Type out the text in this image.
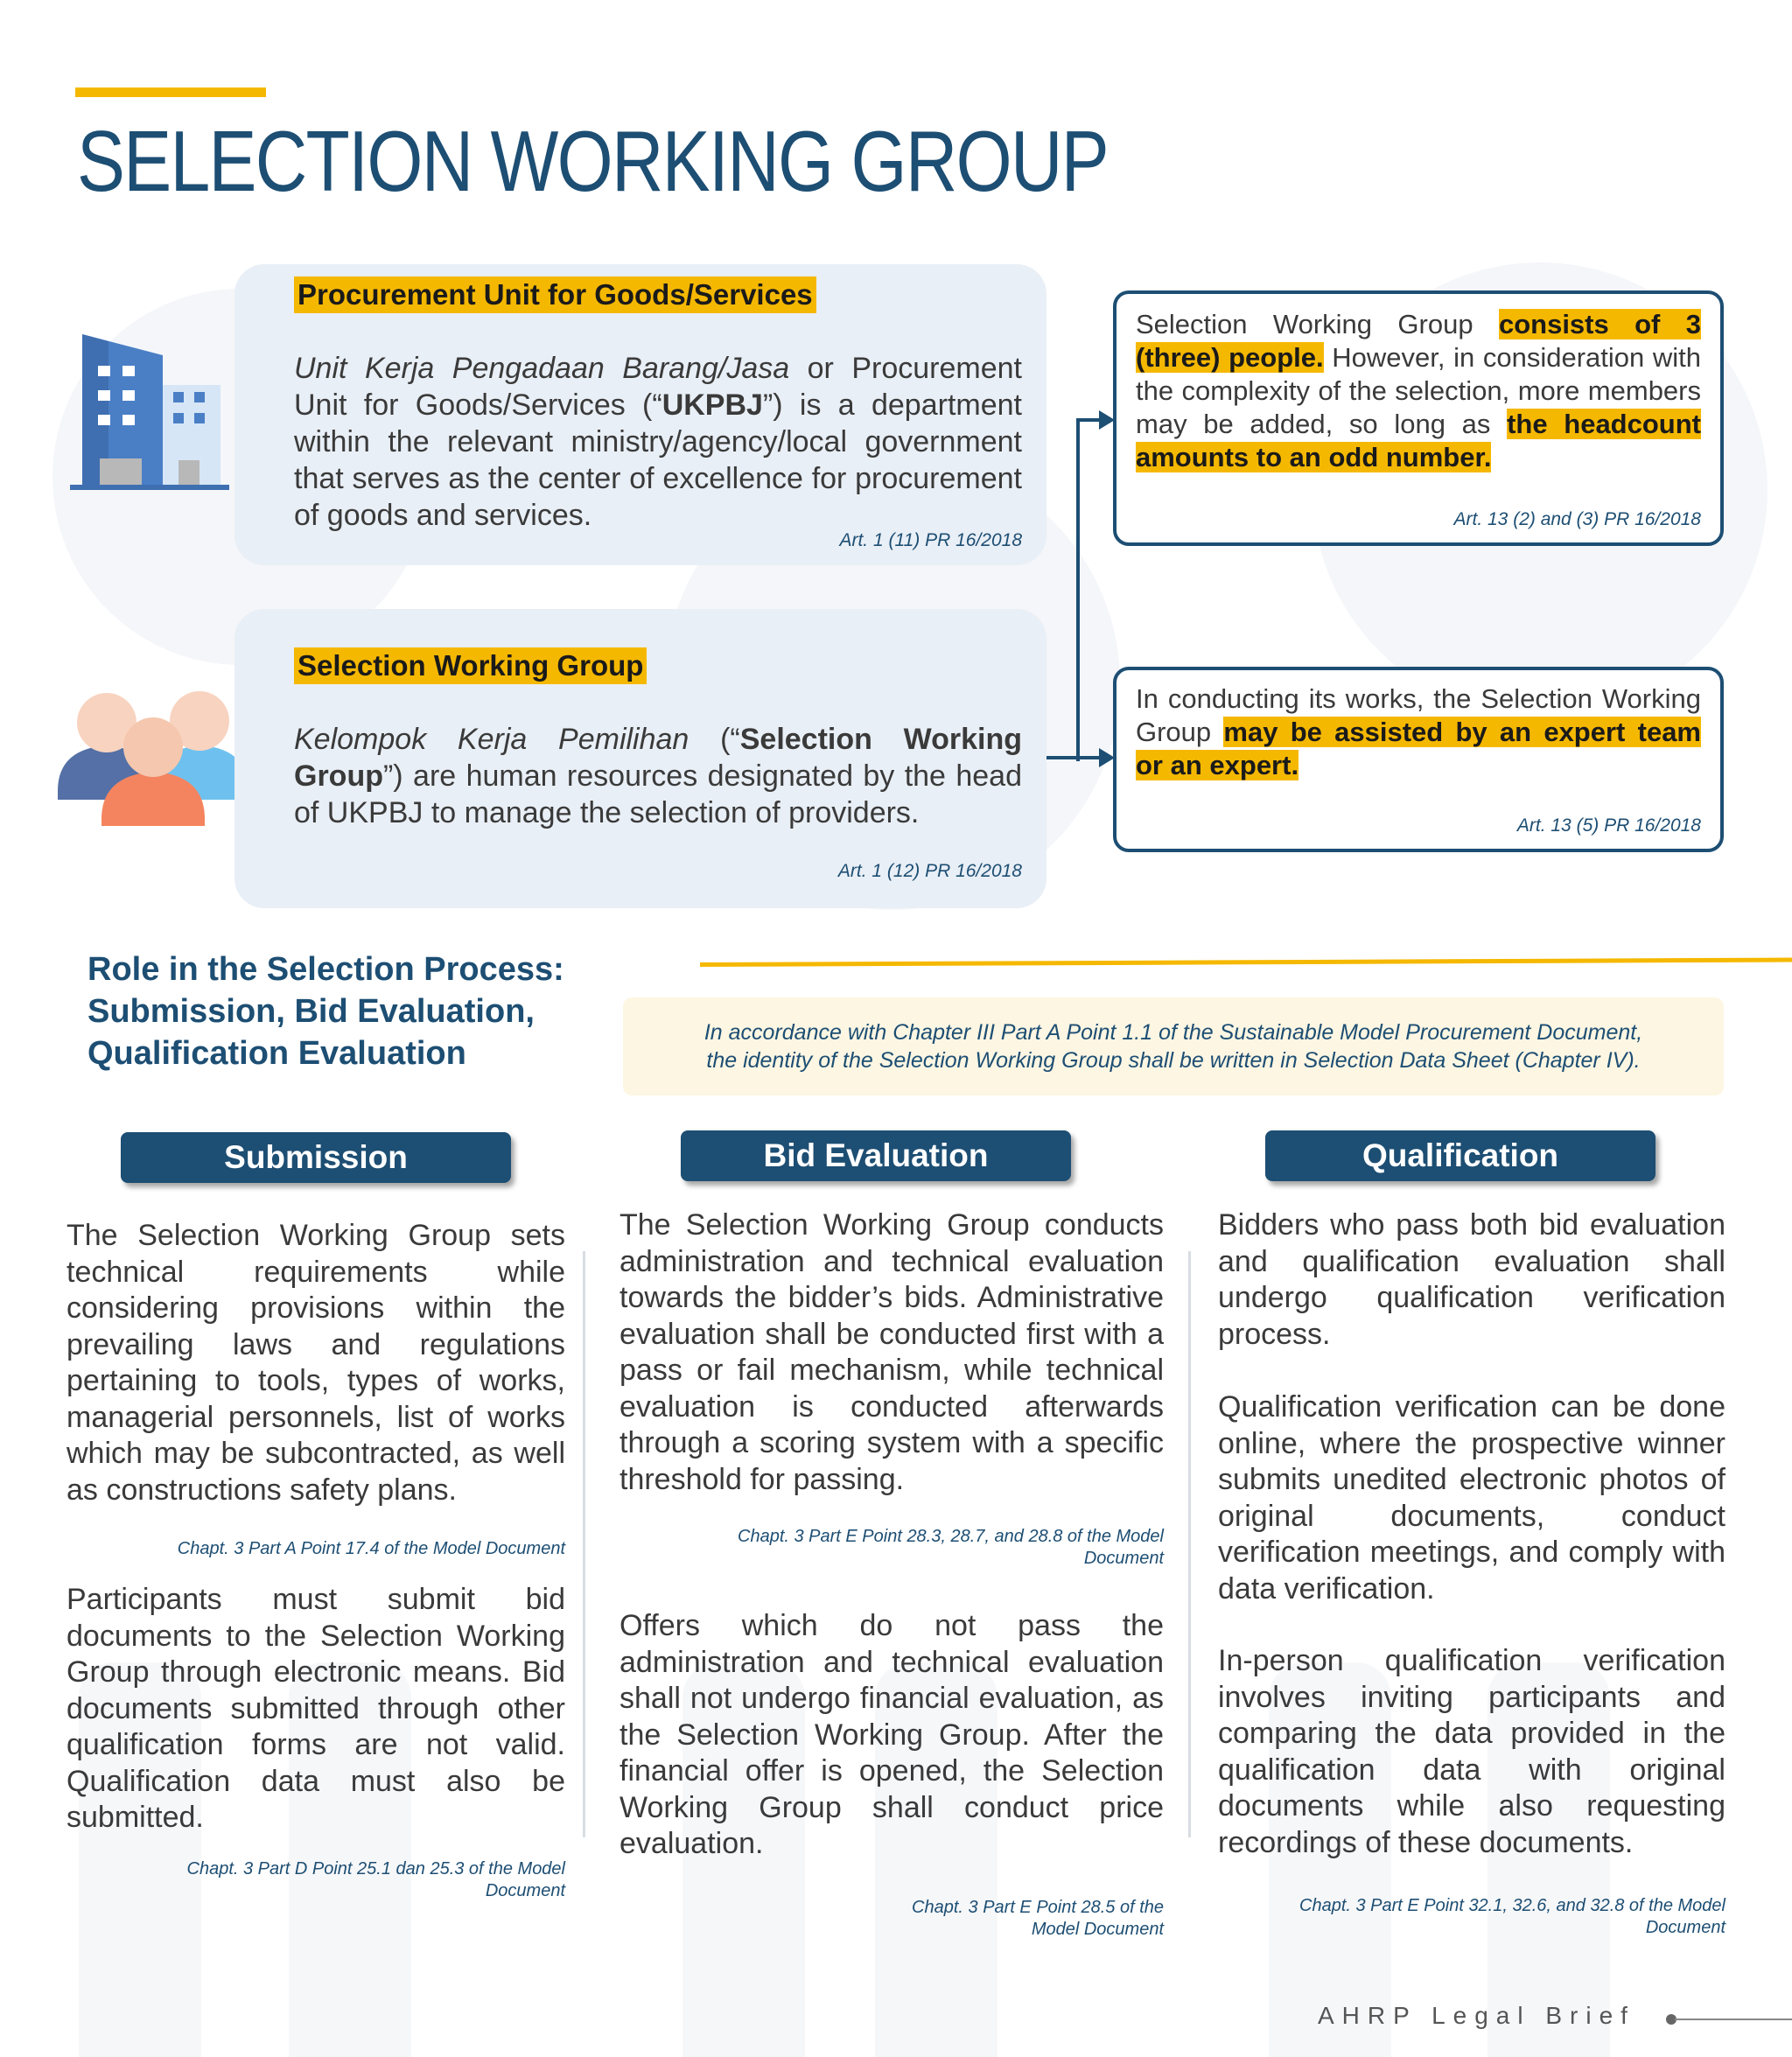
SELECTION WORKING GROUP
Procurement Unit for Goods/Services
Unit Kerja Pengadaan Barang/Jasa or Procurement Unit for Goods/Services (“UKPBJ”) is a department within the relevant ministry/agency/local government that serves as the center of excellence for procurement of goods and services.
Art. 1 (11) PR 16/2018
Selection Working Group
Kelompok Kerja Pemilihan (“Selection Working Group”) are human resources designated by the head of UKPBJ to manage the selection of providers.
Art. 1 (12) PR 16/2018
Selection Working Group consists of 3 (three) people. However, in consideration with the complexity of the selection, more members may be added, so long as the headcount amounts to an odd number.
Art. 13 (2) and (3) PR 16/2018
In conducting its works, the Selection Working Group may be assisted by an expert team or an expert.
Art. 13 (5) PR 16/2018
Role in the Selection Process:
Submission, Bid Evaluation,
Qualification Evaluation
In accordance with Chapter III Part A Point 1.1 of the Sustainable Model Procurement Document,
the identity of the Selection Working Group shall be written in Selection Data Sheet (Chapter IV).
Submission	Bid Evaluation	Qualification
The Selection Working Group sets technical requirements while considering provisions within the prevailing laws and regulations pertaining to tools, types of works, managerial personnels, list of works which may be subcontracted, as well as constructions safety plans.
Chapt. 3 Part A Point 17.4 of the Model Document
Participants must submit bid documents to the Selection Working Group through electronic means. Bid documents submitted through other qualification forms are not valid. Qualification data must also be submitted.
Chapt. 3 Part D Point 25.1 dan 25.3 of the Model
Document
The Selection Working Group conducts administration and technical evaluation towards the bidder’s bids. Administrative evaluation shall be conducted first with a pass or fail mechanism, while technical evaluation is conducted afterwards through a scoring system with a specific threshold for passing.
Chapt. 3 Part E Point 28.3, 28.7, and 28.8 of the Model
Document
Offers which do not pass the administration and technical evaluation shall not undergo financial evaluation, as the Selection Working Group. After the financial offer is opened, the Selection Working Group shall conduct price evaluation.
Chapt. 3 Part E Point 28.5 of the
Model Document
Bidders who pass both bid evaluation and qualification evaluation shall undergo qualification verification process.
Qualification verification can be done online, where the prospective winner submits unedited electronic photos of original documents, conduct verification meetings, and comply with data verification.
In-person qualification verification involves inviting participants and comparing the data provided in the qualification data with original documents while also requesting recordings of these documents.
Chapt. 3 Part E Point 32.1, 32.6, and 32.8 of the Model
Document
AHRP Legal Brief
